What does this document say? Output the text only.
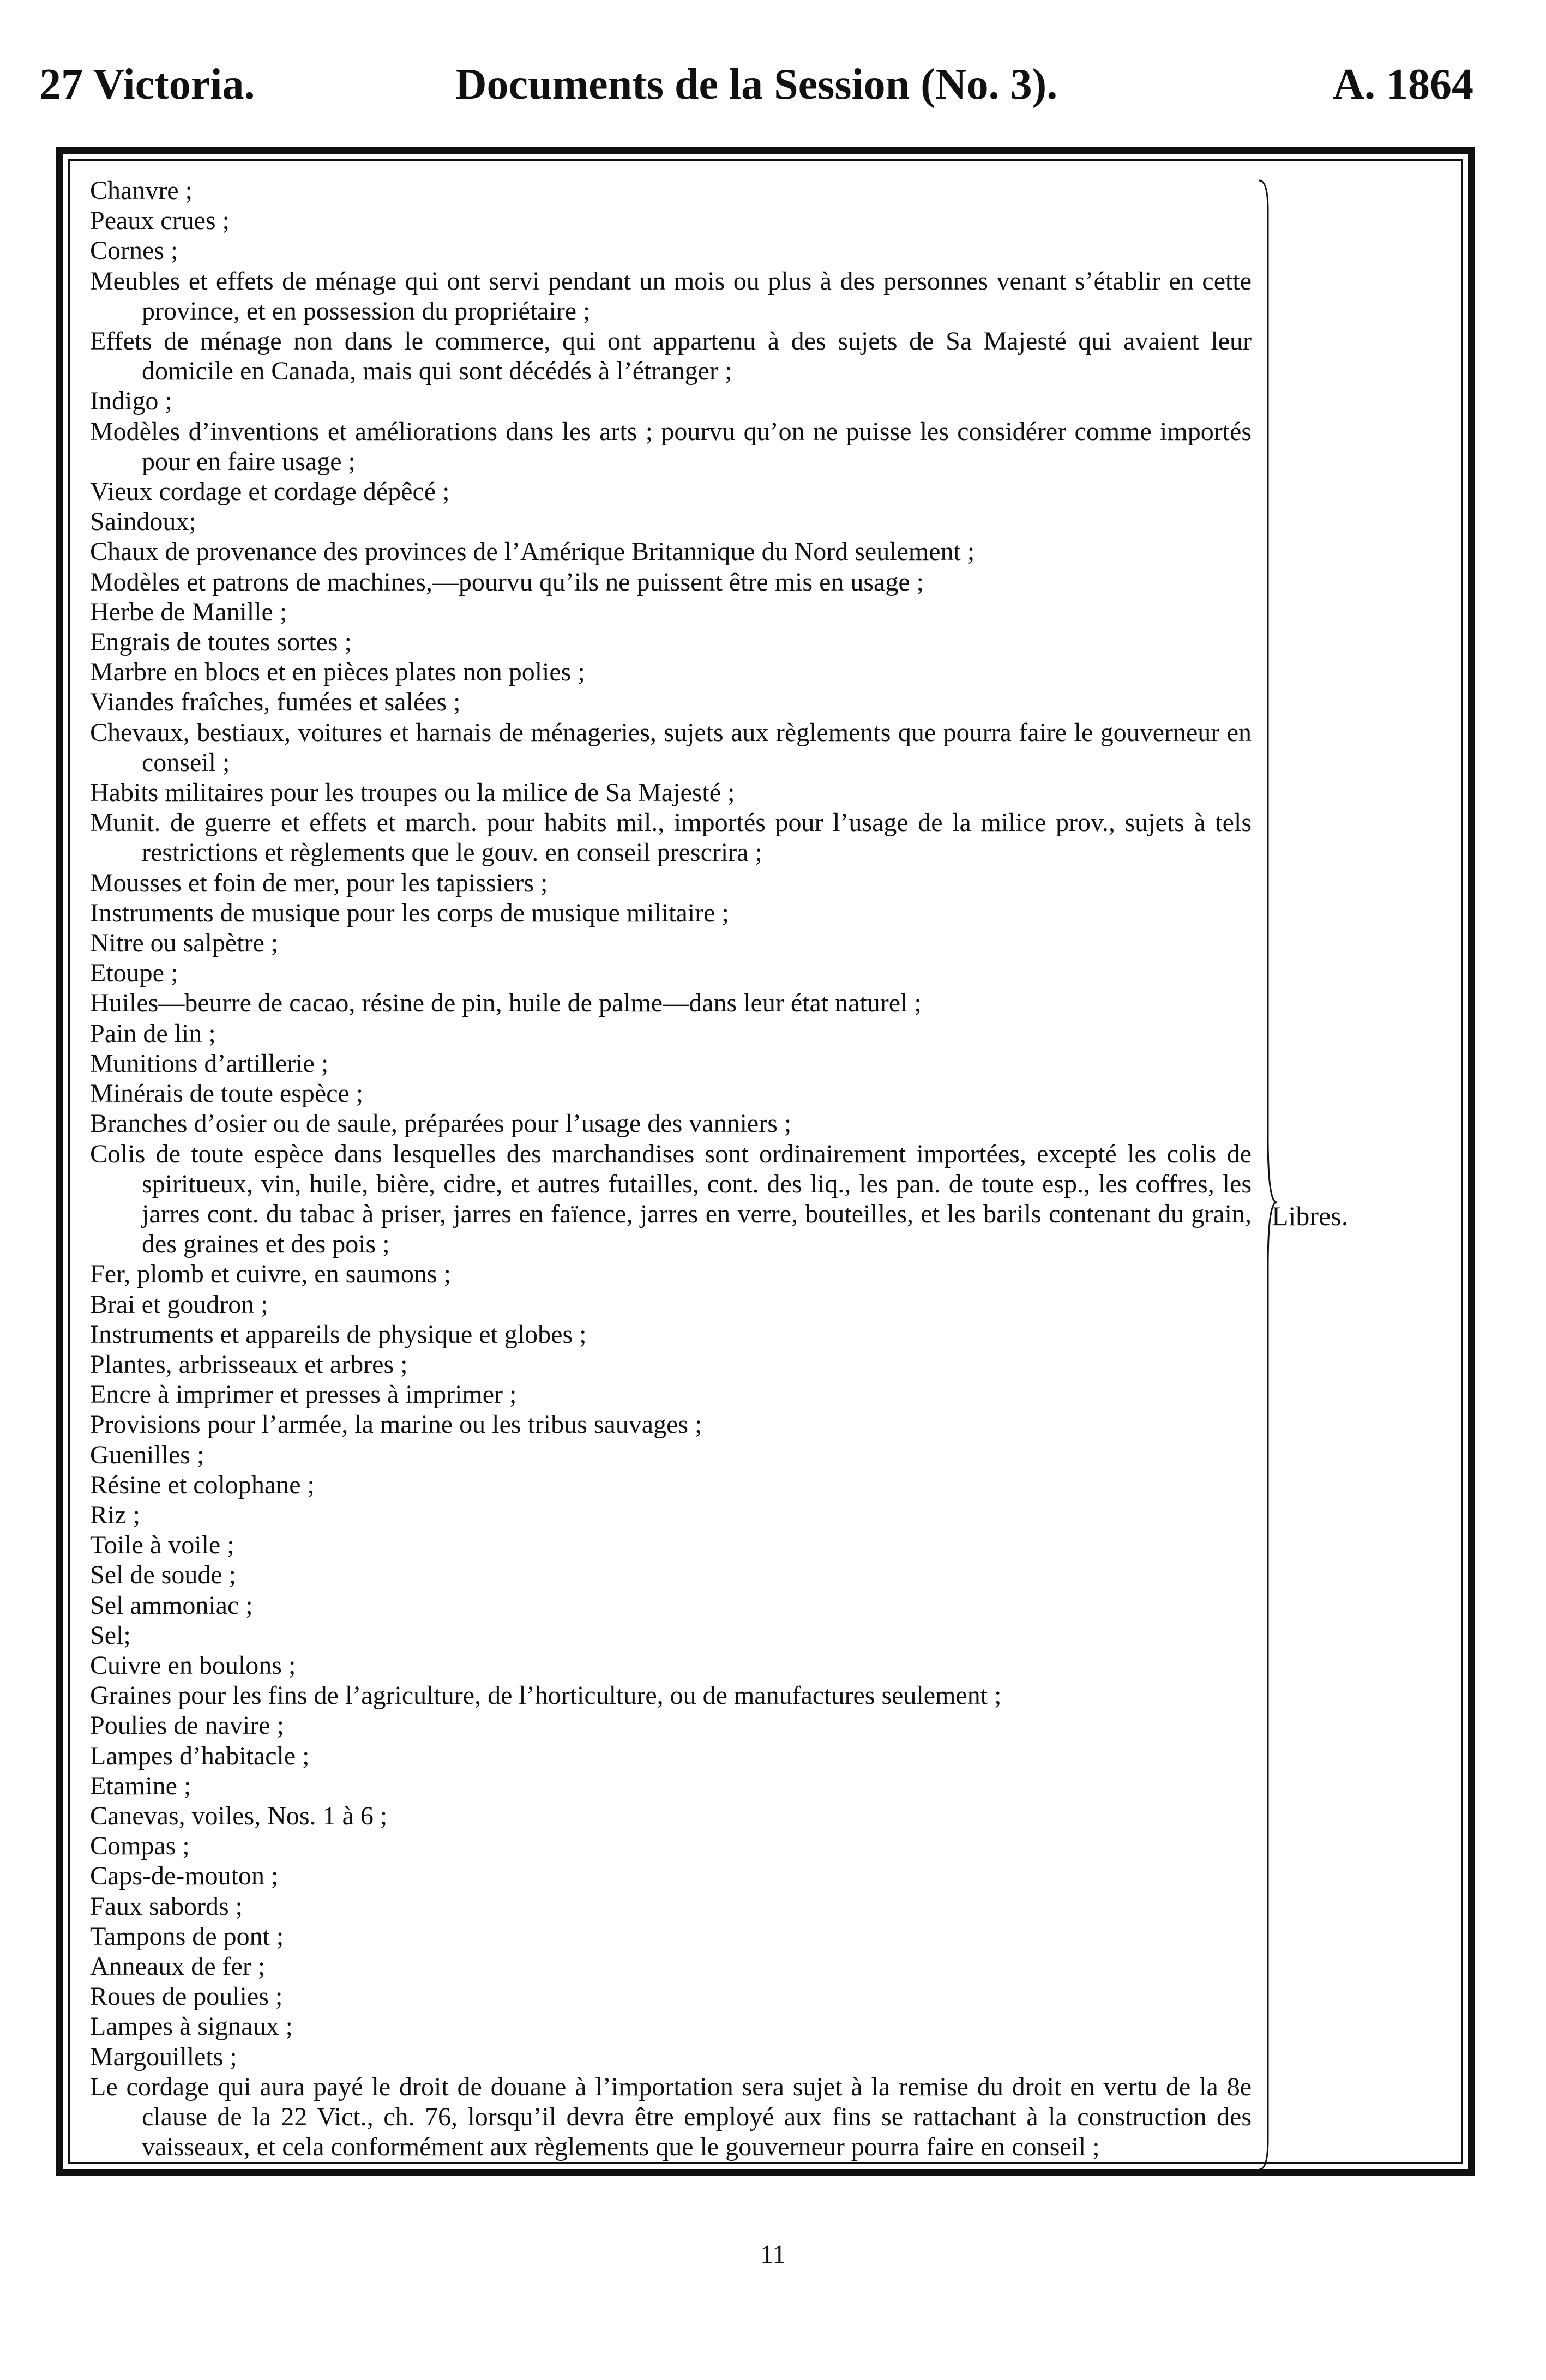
27 Victoria.	Documents de la Session (No. 3).	A. 1864
Chanvre ;
Peaux crues ;
Cornes ;
Meubles et effets de ménage qui ont servi pendant un mois ou plus à des personnes venant s’établir en cette province, et en possession du propriétaire ;
Effets de ménage non dans le commerce, qui ont appartenu à des sujets de Sa Majesté qui avaient leur domicile en Canada, mais qui sont décédés à l’étranger ;
Indigo ;
Modèles d’inventions et améliorations dans les arts ; pourvu qu’on ne puisse les considérer comme importés pour en faire usage ;
Vieux cordage et cordage dépêcé ;
Saindoux;
Chaux de provenance des provinces de l’Amérique Britannique du Nord seulement ;
Modèles et patrons de machines,—pourvu qu’ils ne puissent être mis en usage ;
Herbe de Manille ;
Engrais de toutes sortes ;
Marbre en blocs et en pièces plates non polies ;
Viandes fraîches, fumées et salées ;
Chevaux, bestiaux, voitures et harnais de ménageries, sujets aux règlements que pourra faire le gouverneur en conseil ;
Habits militaires pour les troupes ou la milice de Sa Majesté ;
Munit. de guerre et effets et march. pour habits mil., importés pour l’usage de la milice prov., sujets à tels restrictions et règlements que le gouv. en conseil prescrira ;
Mousses et foin de mer, pour les tapissiers ;
Instruments de musique pour les corps de musique militaire ;
Nitre ou salpètre ;
Etoupe ;
Huiles—beurre de cacao, résine de pin, huile de palme—dans leur état naturel ;
Pain de lin ;
Munitions d’artillerie ;
Minérais de toute espèce ;
Branches d’osier ou de saule, préparées pour l’usage des vanniers ;
Colis de toute espèce dans lesquelles des marchandises sont ordinairement importées, excepté les colis de spiritueux, vin, huile, bière, cidre, et autres futailles, cont. des liq., les pan. de toute esp., les coffres, les jarres cont. du tabac à priser, jarres en faïence, jarres en verre, bouteilles, et les barils contenant du grain, des graines et des pois ;
Fer, plomb et cuivre, en saumons ;
Brai et goudron ;
Instruments et appareils de physique et globes ;
Plantes, arbrisseaux et arbres ;
Encre à imprimer et presses à imprimer ;
Provisions pour l’armée, la marine ou les tribus sauvages ;
Guenilles ;
Résine et colophane ;
Riz ;
Toile à voile ;
Sel de soude ;
Sel ammoniac ;
Sel;
Cuivre en boulons ;
Graines pour les fins de l’agriculture, de l’horticulture, ou de manufactures seulement ;
Poulies de navire ;
Lampes d’habitacle ;
Etamine ;
Canevas, voiles, Nos. 1 à 6 ;
Compas ;
Caps-de-mouton ;
Faux sabords ;
Tampons de pont ;
Anneaux de fer ;
Roues de poulies ;
Lampes à signaux ;
Margouillets ;
Le cordage qui aura payé le droit de douane à l’importation sera sujet à la remise du droit en vertu de la 8e clause de la 22 Vict., ch. 76, lorsqu’il devra être employé aux fins se rattachant à la construction des vaisseaux, et cela conformément aux règlements que le gouverneur pourra faire en conseil ;
Libres.
11
